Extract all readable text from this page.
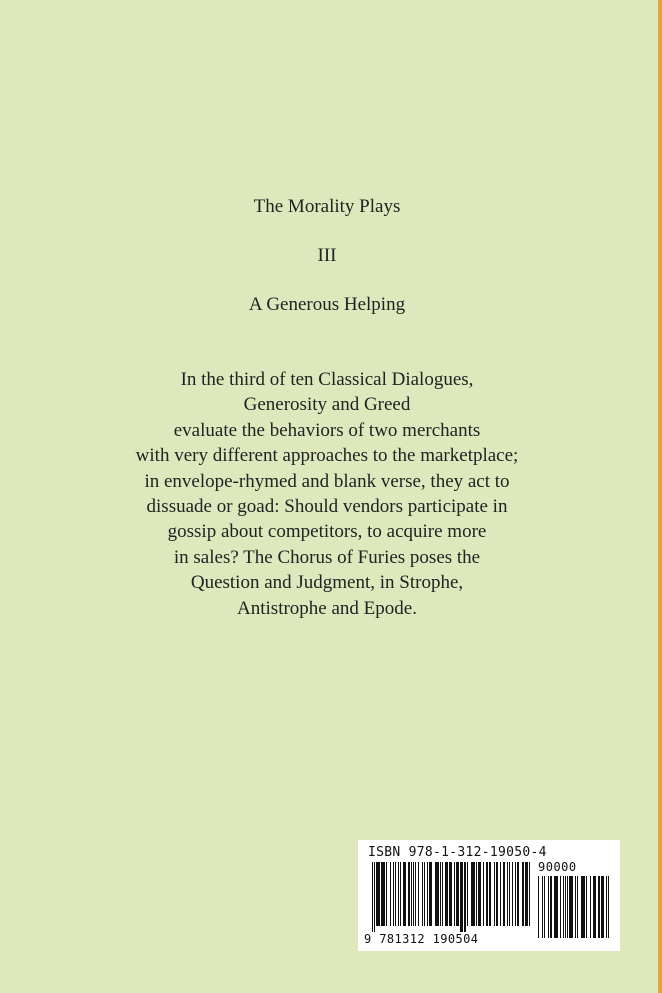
The Morality Plays
III
A Generous Helping
In the third of ten Classical Dialogues,
Generosity and Greed
evaluate the behaviors of two merchants
with very different approaches to the marketplace;
in envelope-rhymed and blank verse, they act to
dissuade or goad: Should vendors participate in
gossip about competitors, to acquire more
in sales? The Chorus of Furies poses the
Question and Judgment, in Strophe,
Antistrophe and Epode.
ISBN 978-1-312-19050-4
90000
9 781312 190504
